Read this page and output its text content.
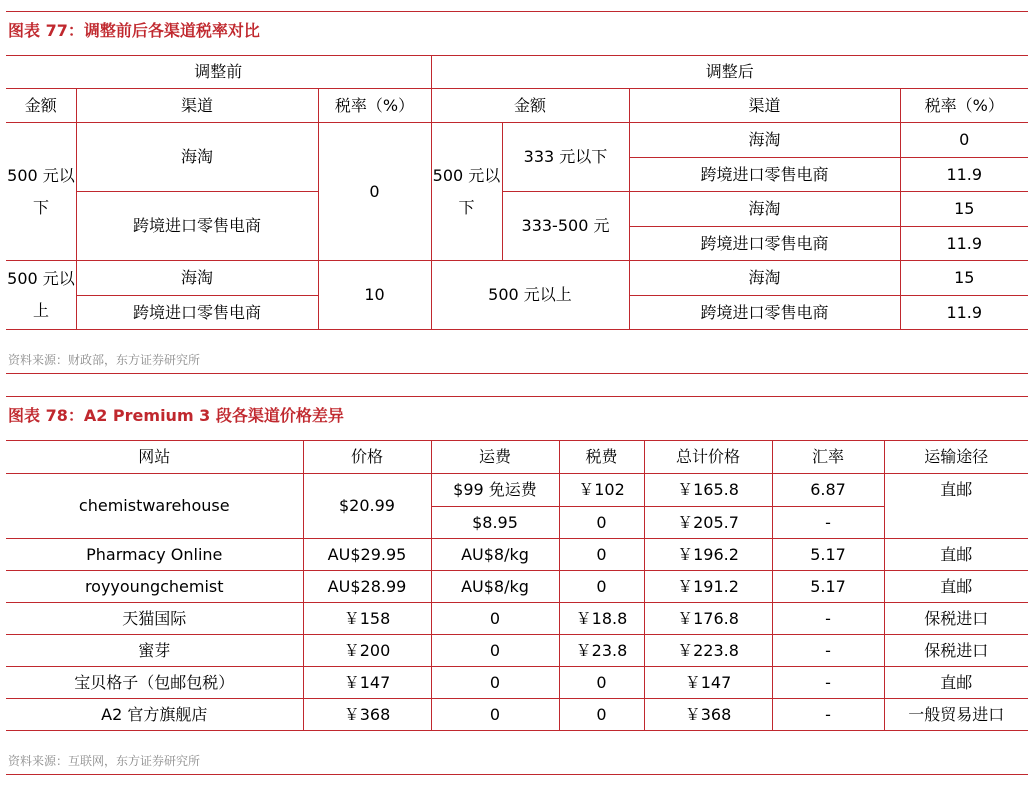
图表 77：调整前后各渠道税率对比
调整前			调整后			
金额	渠道	税率（%）	金额		渠道	税率（%）
500 元以下	海淘	0	500 元以下	333 元以下	海淘	0
					跨境进口零售电商	11.9
	跨境进口零售电商			333-500 元	海淘	15
					跨境进口零售电商	11.9
500 元以上	海淘	10	500 元以上		海淘	15
	跨境进口零售电商				跨境进口零售电商	11.9
资料来源：财政部，东方证券研究所
图表 78：A2 Premium 3 段各渠道价格差异
网站	价格	运费	税费	总计价格	汇率	运输途径
chemistwarehouse	$20.99	$99 免运费	￥102	￥165.8	6.87	直邮
		$8.95	0	￥205.7	-	
Pharmacy Online	AU$29.95	AU$8/kg	0	￥196.2	5.17	直邮
royyoungchemist	AU$28.99	AU$8/kg	0	￥191.2	5.17	直邮
天猫国际	￥158	0	￥18.8	￥176.8	-	保税进口
蜜芽	￥200	0	￥23.8	￥223.8	-	保税进口
宝贝格子（包邮包税）	￥147	0	0	￥147	-	直邮
A2 官方旗舰店	￥368	0	0	￥368	-	一般贸易进口
资料来源：互联网，东方证券研究所
